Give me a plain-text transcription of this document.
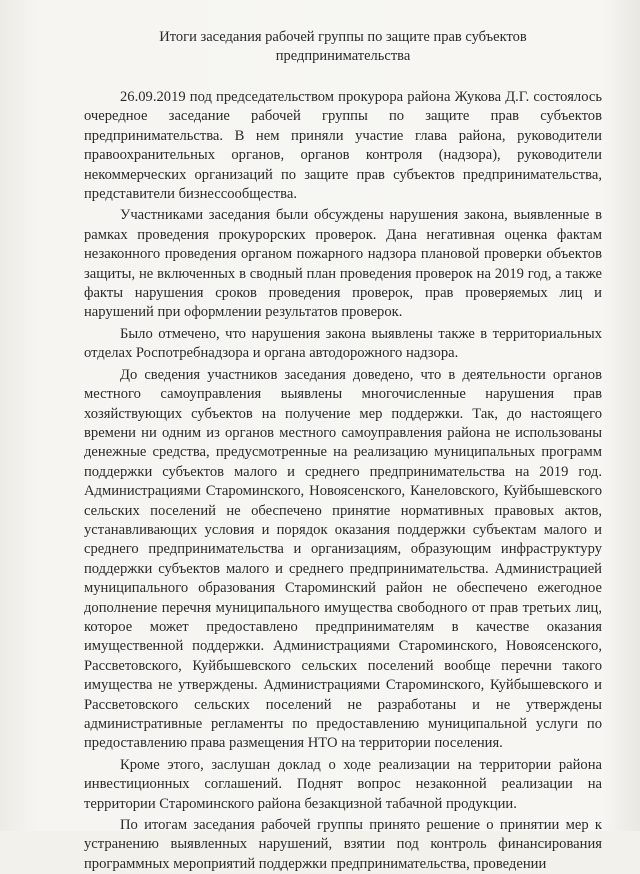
Итоги заседания рабочей группы по защите прав субъектов предпринимательства

26.09.2019 под председательством прокурора района Жукова Д.Г. состоялось очередное заседание рабочей группы по защите прав субъектов предпринимательства. В нем приняли участие глава района, руководители правоохранительных органов, органов контроля (надзора), руководители некоммерческих организаций по защите прав субъектов предпринимательства, представители бизнессообщества.

Участниками заседания были обсуждены нарушения закона, выявленные в рамках проведения прокурорских проверок. Дана негативная оценка фактам незаконного проведения органом пожарного надзора плановой проверки объектов защиты, не включенных в сводный план проведения проверок на 2019 год, а также факты нарушения сроков проведения проверок, прав проверяемых лиц и нарушений при оформлении результатов проверок.

Было отмечено, что нарушения закона выявлены также в территориальных отделах Роспотребнадзора и органа автодорожного надзора.

До сведения участников заседания доведено, что в деятельности органов местного самоуправления выявлены многочисленные нарушения прав хозяйствующих субъектов на получение мер поддержки. Так, до настоящего времени ни одним из органов местного самоуправления района не использованы денежные средства, предусмотренные на реализацию муниципальных программ поддержки субъектов малого и среднего предпринимательства на 2019 год. Администрациями Староминского, Новоясенского, Канеловского, Куйбышевского сельских поселений не обеспечено принятие нормативных правовых актов, устанавливающих условия и порядок оказания поддержки субъектам малого и среднего предпринимательства и организациям, образующим инфраструктуру поддержки субъектов малого и среднего предпринимательства. Администрацией муниципального образования Староминский район не обеспечено ежегодное дополнение перечня муниципального имущества свободного от прав третьих лиц, которое может предоставлено предпринимателям в качестве оказания имущественной поддержки. Администрациями Староминского, Новоясенского, Рассветовского, Куйбышевского сельских поселений вообще перечни такого имущества не утверждены. Администрациями Староминского, Куйбышевского и Рассветовского сельских поселений не разработаны и не утверждены административные регламенты по предоставлению муниципальной услуги по предоставлению права размещения НТО на территории поселения.

Кроме этого, заслушан доклад о ходе реализации на территории района инвестиционных соглашений. Поднят вопрос незаконной реализации на территории Староминского района безакцизной табачной продукции.

По итогам заседания рабочей группы принято решение о принятии мер к устранению выявленных нарушений, взятии под контроль финансирования программных мероприятий поддержки предпринимательства, проведении
